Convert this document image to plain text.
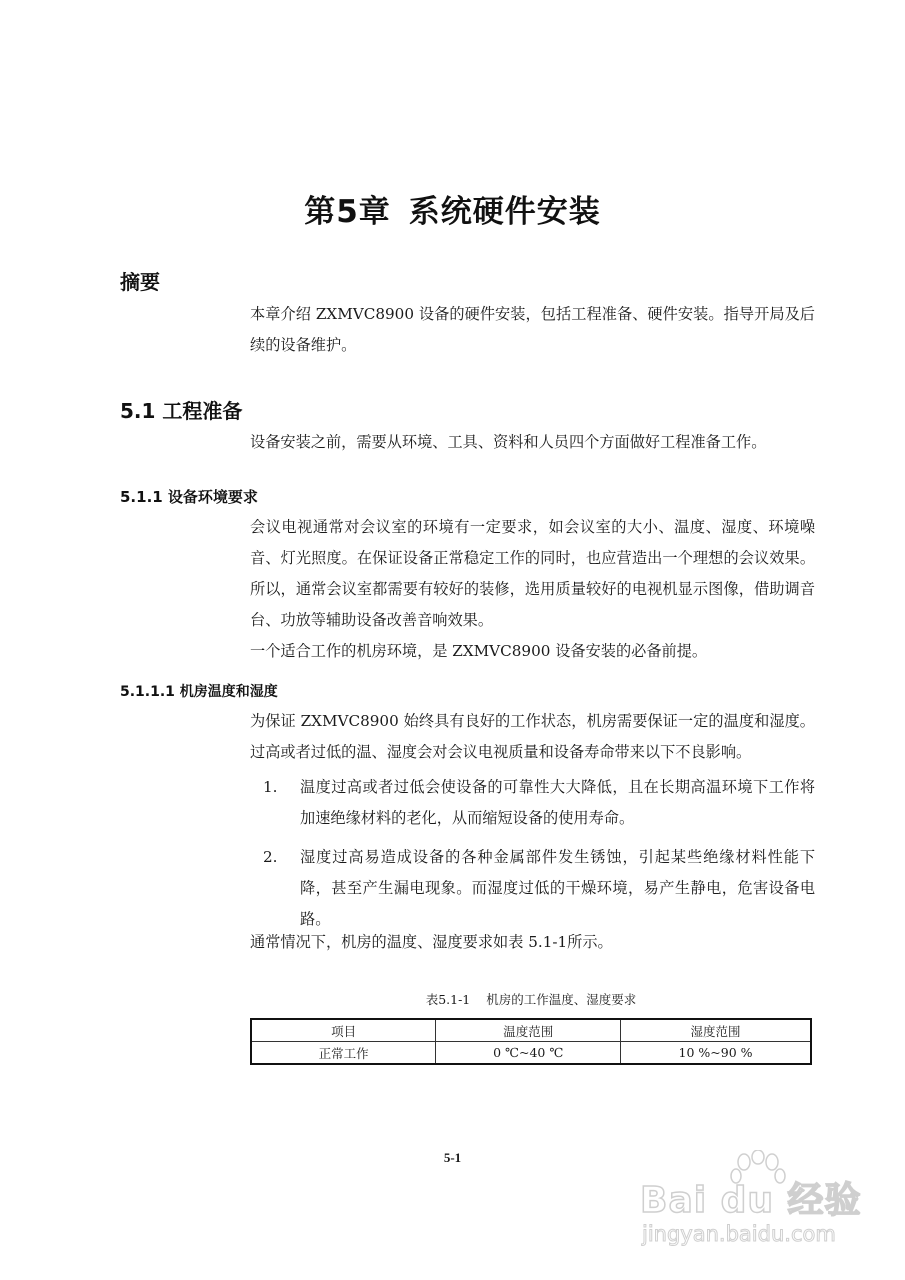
第5章 系统硬件安装
摘要
本章介绍 ZXMVC8900 设备的硬件安装，包括工程准备、硬件安装。指导开局及后续的设备维护。
5.1 工程准备
设备安装之前，需要从环境、工具、资料和人员四个方面做好工程准备工作。
5.1.1 设备环境要求
会议电视通常对会议室的环境有一定要求，如会议室的大小、温度、湿度、环境噪音、灯光照度。在保证设备正常稳定工作的同时，也应营造出一个理想的会议效果。所以，通常会议室都需要有较好的装修，选用质量较好的电视机显示图像，借助调音台、功放等辅助设备改善音响效果。
一个适合工作的机房环境，是 ZXMVC8900 设备安装的必备前提。
5.1.1.1 机房温度和湿度
为保证 ZXMVC8900 始终具有良好的工作状态，机房需要保证一定的温度和湿度。过高或者过低的温、湿度会对会议电视质量和设备寿命带来以下不良影响。
1. 温度过高或者过低会使设备的可靠性大大降低，且在长期高温环境下工作将加速绝缘材料的老化，从而缩短设备的使用寿命。
2. 湿度过高易造成设备的各种金属部件发生锈蚀，引起某些绝缘材料性能下降，甚至产生漏电现象。而湿度过低的干燥环境，易产生静电，危害设备电路。
通常情况下，机房的温度、湿度要求如表 5.1-1所示。
表5.1-1 机房的工作温度、湿度要求
项目	温度范围	湿度范围
正常工作	0 ℃~40 ℃	10 %~90 %
5-1
Bai du 经验
jingyan.baidu.com
